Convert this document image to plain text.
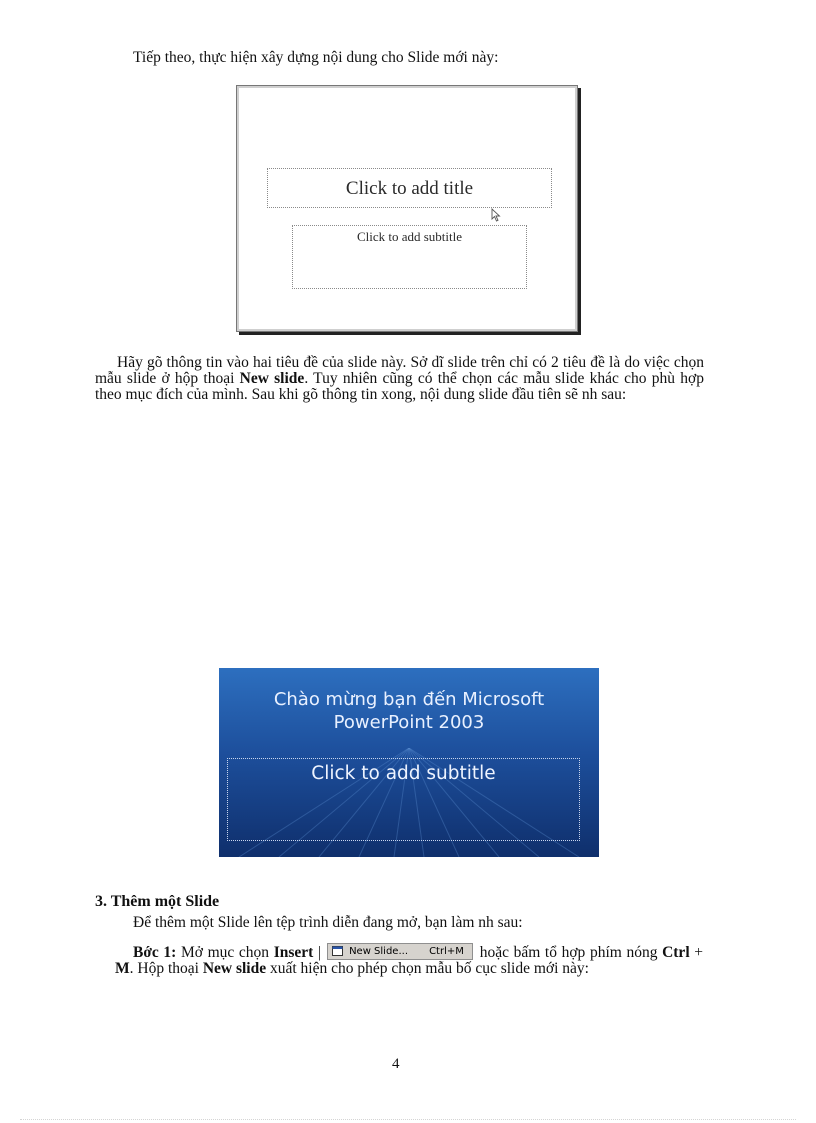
Tiếp theo, thực hiện xây dựng nội dung cho Slide mới này:
Click to add title
Click to add subtitle
Hãy gõ thông tin vào hai tiêu đề của slide này. Sở dĩ slide trên chỉ có 2 tiêu đề là do việc chọn mẫu slide ở hộp thoại New slide. Tuy nhiên cũng có thể chọn các mẫu slide khác cho phù hợp theo mục đích của mình. Sau khi gõ thông tin xong, nội dung slide đầu tiên sẽ nh sau:
Chào mừng bạn đến Microsoft
PowerPoint 2003
Click to add subtitle
3. Thêm một Slide
Để thêm một Slide lên tệp trình diễn đang mở, bạn làm nh sau:
Bớc 1: Mở mục chọn Insert |	New Slide... Ctrl+M hoặc bấm tổ hợp phím nóng Ctrl + M. Hộp thoại New slide xuất hiện cho phép chọn mẫu bố cục slide mới này:
4
